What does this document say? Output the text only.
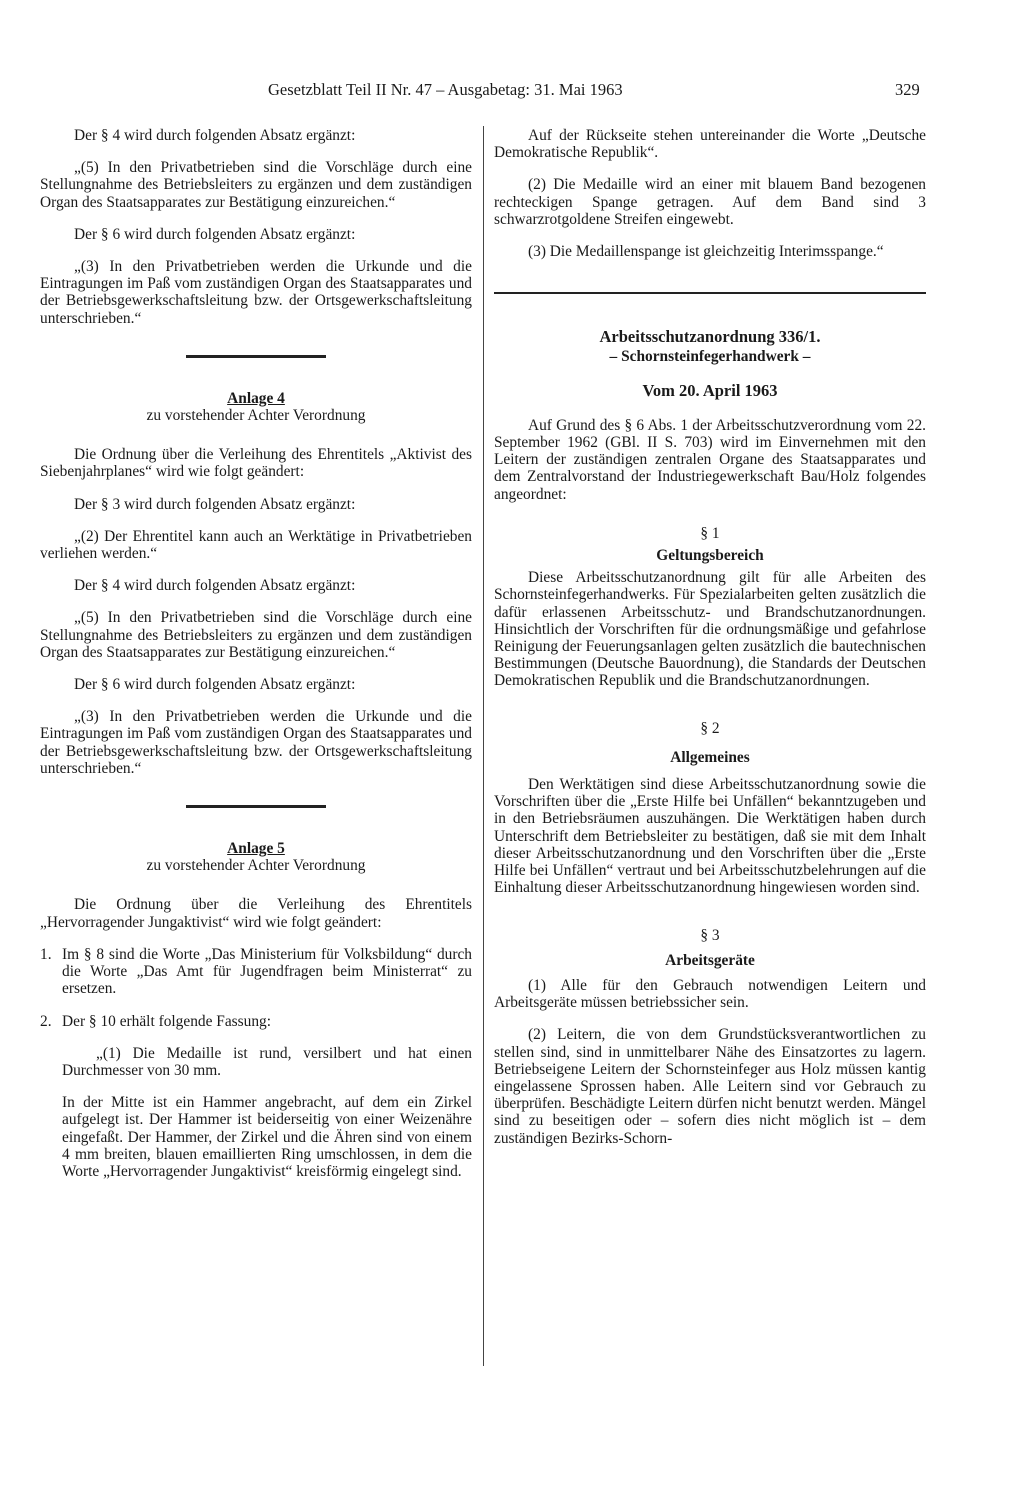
Gesetzblatt Teil II Nr. 47 – Ausgabetag: 31. Mai 1963	329

Der § 4 wird durch folgenden Absatz ergänzt:

„(5) In den Privatbetrieben sind die Vorschläge durch eine Stellungnahme des Betriebsleiters zu ergänzen und dem zuständigen Organ des Staatsapparates zur Bestätigung einzureichen.“

Der § 6 wird durch folgenden Absatz ergänzt:

„(3) In den Privatbetrieben werden die Urkunde und die Eintragungen im Paß vom zuständigen Organ des Staatsapparates und der Betriebsgewerkschaftsleitung bzw. der Ortsgewerkschaftsleitung unterschrieben.“

Anlage 4

zu vorstehender Achter Verordnung

Die Ordnung über die Verleihung des Ehrentitels „Aktivist des Siebenjahrplanes“ wird wie folgt geändert:

Der § 3 wird durch folgenden Absatz ergänzt:

„(2) Der Ehrentitel kann auch an Werktätige in Privatbetrieben verliehen werden.“

Der § 4 wird durch folgenden Absatz ergänzt:

„(5) In den Privatbetrieben sind die Vorschläge durch eine Stellungnahme des Betriebsleiters zu ergänzen und dem zuständigen Organ des Staatsapparates zur Bestätigung einzureichen.“

Der § 6 wird durch folgenden Absatz ergänzt:

„(3) In den Privatbetrieben werden die Urkunde und die Eintragungen im Paß vom zuständigen Organ des Staatsapparates und der Betriebsgewerkschaftsleitung bzw. der Ortsgewerkschaftsleitung unterschrieben.“

Anlage 5

zu vorstehender Achter Verordnung

Die Ordnung über die Verleihung des Ehrentitels „Hervorragender Jungaktivist“ wird wie folgt geändert:

1. Im § 8 sind die Worte „Das Ministerium für Volksbildung“ durch die Worte „Das Amt für Jugendfragen beim Ministerrat“ zu ersetzen.
2. Der § 10 erhält folgende Fassung:

„(1) Die Medaille ist rund, versilbert und hat einen Durchmesser von 30 mm.

In der Mitte ist ein Hammer angebracht, auf dem ein Zirkel aufgelegt ist. Der Hammer ist beiderseitig von einer Weizenähre eingefaßt. Der Hammer, der Zirkel und die Ähren sind von einem 4 mm breiten, blauen emaillierten Ring umschlossen, in dem die Worte „Hervorragender Jungaktivist“ kreisförmig eingelegt sind.

Auf der Rückseite stehen untereinander die Worte „Deutsche Demokratische Republik“.

(2) Die Medaille wird an einer mit blauem Band bezogenen rechteckigen Spange getragen. Auf dem Band sind 3 schwarzrotgoldene Streifen eingewebt.

(3) Die Medaillenspange ist gleichzeitig Interimsspange.“

Arbeitsschutzanordnung 336/1.

– Schornsteinfegerhandwerk –

Vom 20. April 1963

Auf Grund des § 6 Abs. 1 der Arbeitsschutzverordnung vom 22. September 1962 (GBl. II S. 703) wird im Einvernehmen mit den Leitern der zuständigen zentralen Organe des Staatsapparates und dem Zentralvorstand der Industriegewerkschaft Bau/Holz folgendes angeordnet:

§ 1

Geltungsbereich

Diese Arbeitsschutzanordnung gilt für alle Arbeiten des Schornsteinfegerhandwerks. Für Spezialarbeiten gelten zusätzlich die dafür erlassenen Arbeitsschutz- und Brandschutzanordnungen. Hinsichtlich der Vorschriften für die ordnungsmäßige und gefahrlose Reinigung der Feuerungsanlagen gelten zusätzlich die bautechnischen Bestimmungen (Deutsche Bauordnung), die Standards der Deutschen Demokratischen Republik und die Brandschutzanordnungen.

§ 2

Allgemeines

Den Werktätigen sind diese Arbeitsschutzanordnung sowie die Vorschriften über die „Erste Hilfe bei Unfällen“ bekanntzugeben und in den Betriebsräumen auszuhängen. Die Werktätigen haben durch Unterschrift dem Betriebsleiter zu bestätigen, daß sie mit dem Inhalt dieser Arbeitsschutzanordnung und den Vorschriften über die „Erste Hilfe bei Unfällen“ vertraut und bei Arbeitsschutzbelehrungen auf die Einhaltung dieser Arbeitsschutzanordnung hingewiesen worden sind.

§ 3

Arbeitsgeräte

(1) Alle für den Gebrauch notwendigen Leitern und Arbeitsgeräte müssen betriebssicher sein.

(2) Leitern, die von dem Grundstücksverantwortlichen zu stellen sind, sind in unmittelbarer Nähe des Einsatzortes zu lagern. Betriebseigene Leitern der Schornsteinfeger aus Holz müssen kantig eingelassene Sprossen haben. Alle Leitern sind vor Gebrauch zu überprüfen. Beschädigte Leitern dürfen nicht benutzt werden. Mängel sind zu beseitigen oder – sofern dies nicht möglich ist – dem zuständigen Bezirks-Schorn-
